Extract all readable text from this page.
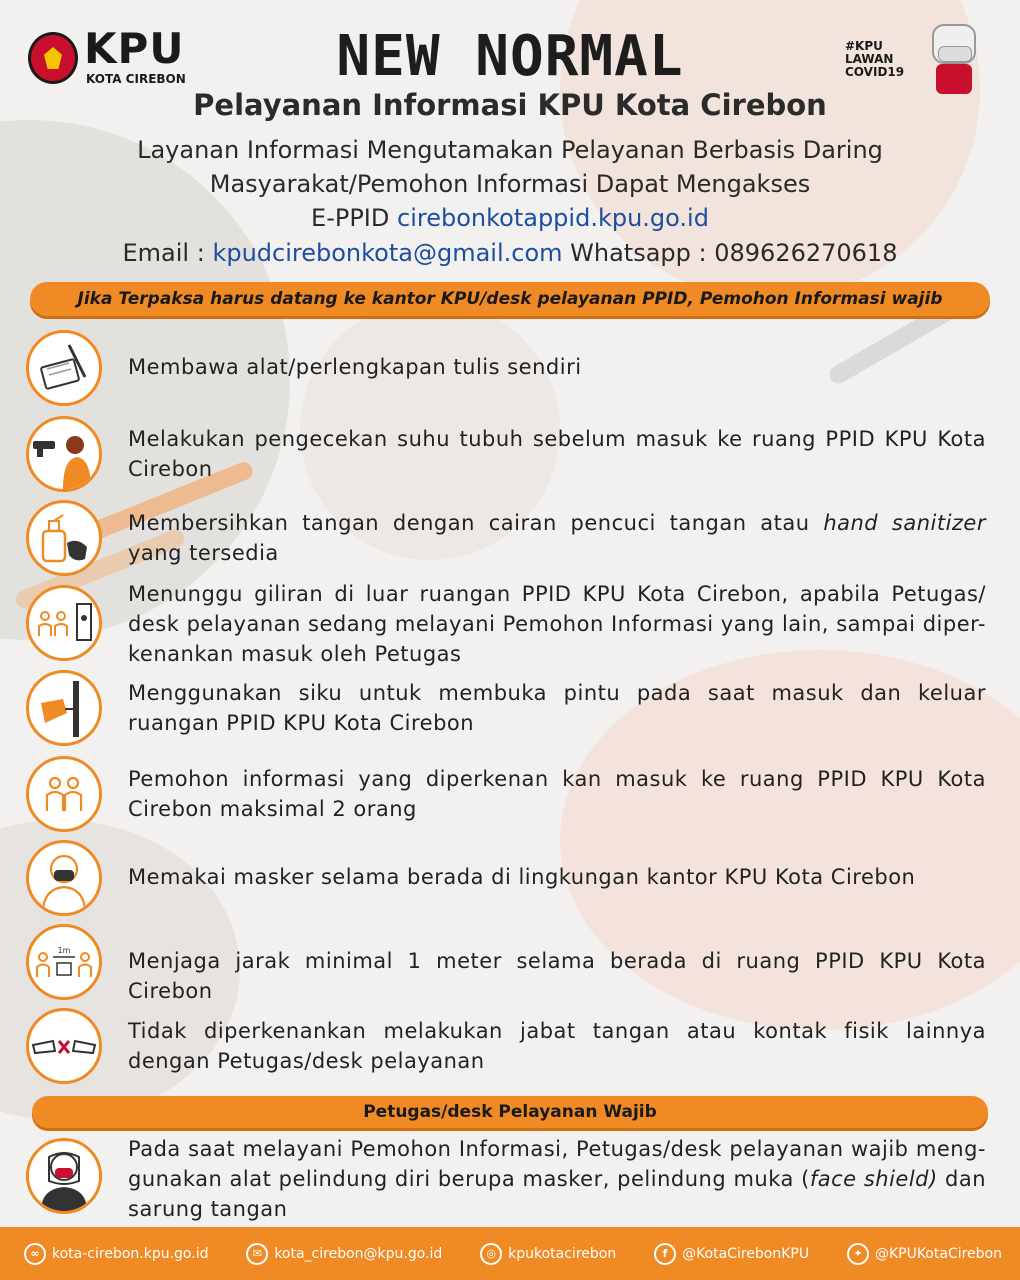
KPU
KOTA CIREBON	NEW NORMAL	#KPU
LAWAN
COVID19
Pelayanan Informasi KPU Kota Cirebon
Layanan Informasi Mengutamakan Pelayanan Berbasis Daring
Masyarakat/Pemohon Informasi Dapat Mengakses
E-PPID cirebonkotappid.kpu.go.id
Email : kpudcirebonkota@gmail.com Whatsapp : 089626270618
Jika Terpaksa harus datang ke kantor KPU/desk pelayanan PPID, Pemohon Informasi wajib
Membawa alat/perlengkapan tulis sendiri
Melakukan pengecekan suhu tubuh sebelum masuk ke ruang PPID KPU Kota Cirebon
Membersihkan tangan dengan cairan pencuci tangan atau hand sanitizer yang tersedia
Menunggu giliran di luar ruangan PPID KPU Kota Cirebon, apabila Petugas/ desk pelayanan sedang melayani Pemohon Informasi yang lain, sampai diper-kenankan masuk oleh Petugas
Menggunakan siku untuk membuka pintu pada saat masuk dan keluar ruangan PPID KPU Kota Cirebon
Pemohon informasi yang diperkenan kan masuk ke ruang PPID KPU Kota Cirebon maksimal 2 orang
Memakai masker selama berada di lingkungan kantor KPU Kota Cirebon
1m	Menjaga jarak minimal 1 meter selama berada di ruang PPID KPU Kota Cirebon
Tidak diperkenankan melakukan jabat tangan atau kontak fisik lainnya dengan Petugas/desk pelayanan
Petugas/desk Pelayanan Wajib
Pada saat melayani Pemohon Informasi, Petugas/desk pelayanan wajib meng-gunakan alat pelindung diri berupa masker, pelindung muka (face shield) dan sarung tangan
∞ kota-cirebon.kpu.go.id	✉ kota_cirebon@kpu.go.id	◎ kpukotacirebon	f	@KotaCirebonKPU	✦ @KPUKotaCirebon
